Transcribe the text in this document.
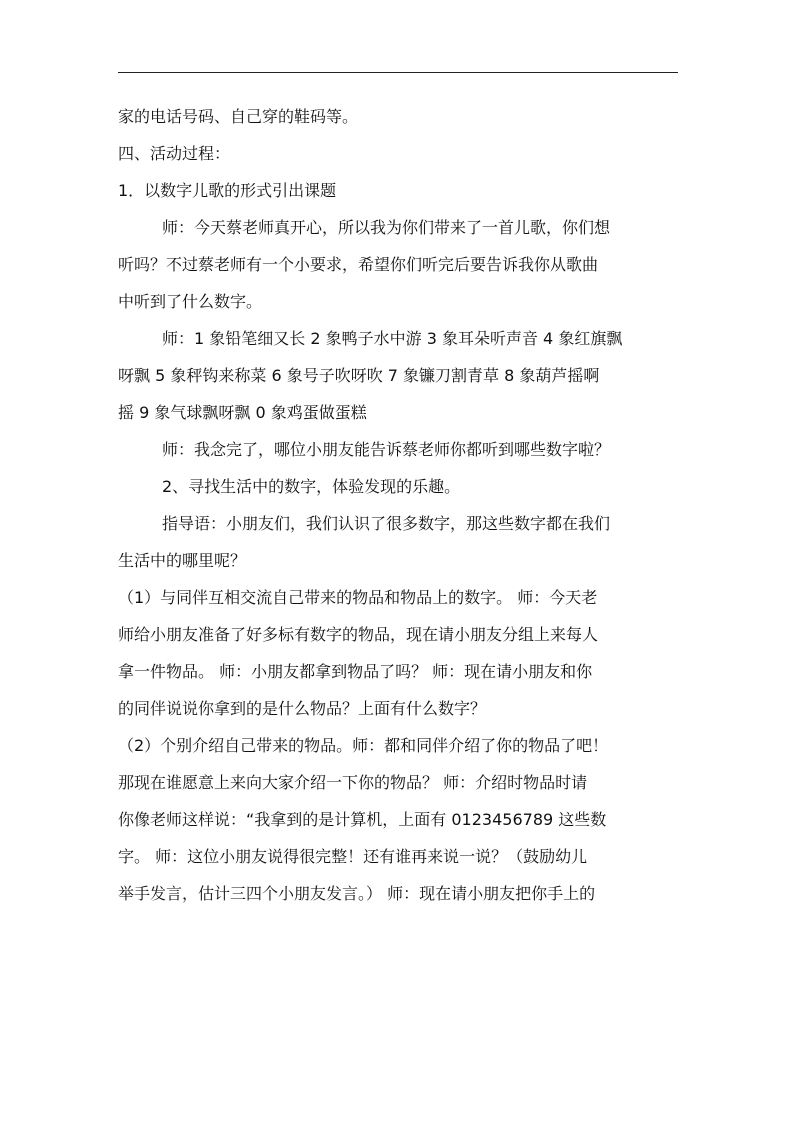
家的电话号码、自己穿的鞋码等。
四、活动过程：
1．以数字儿歌的形式引出课题
师：今天蔡老师真开心，所以我为你们带来了一首儿歌，你们想
听吗？不过蔡老师有一个小要求，希望你们听完后要告诉我你从歌曲
中听到了什么数字。
师：1 象铅笔细又长 2 象鸭子水中游 3 象耳朵听声音 4 象红旗飘
呀飘 5 象秤钩来称菜 6 象号子吹呀吹 7 象镰刀割青草 8 象葫芦摇啊
摇 9 象气球飘呀飘 0 象鸡蛋做蛋糕
师：我念完了，哪位小朋友能告诉蔡老师你都听到哪些数字啦？
2、寻找生活中的数字，体验发现的乐趣。
指导语：小朋友们，我们认识了很多数字，那这些数字都在我们
生活中的哪里呢？
（1）与同伴互相交流自己带来的物品和物品上的数字。 师：今天老
师给小朋友准备了好多标有数字的物品，现在请小朋友分组上来每人
拿一件物品。 师：小朋友都拿到物品了吗？ 师：现在请小朋友和你
的同伴说说你拿到的是什么物品？上面有什么数字？
（2）个别介绍自己带来的物品。师：都和同伴介绍了你的物品了吧！
那现在谁愿意上来向大家介绍一下你的物品？ 师：介绍时物品时请
你像老师这样说：“我拿到的是计算机，上面有 0123456789 这些数
字。 师：这位小朋友说得很完整！还有谁再来说一说？（鼓励幼儿
举手发言，估计三四个小朋友发言。） 师：现在请小朋友把你手上的
